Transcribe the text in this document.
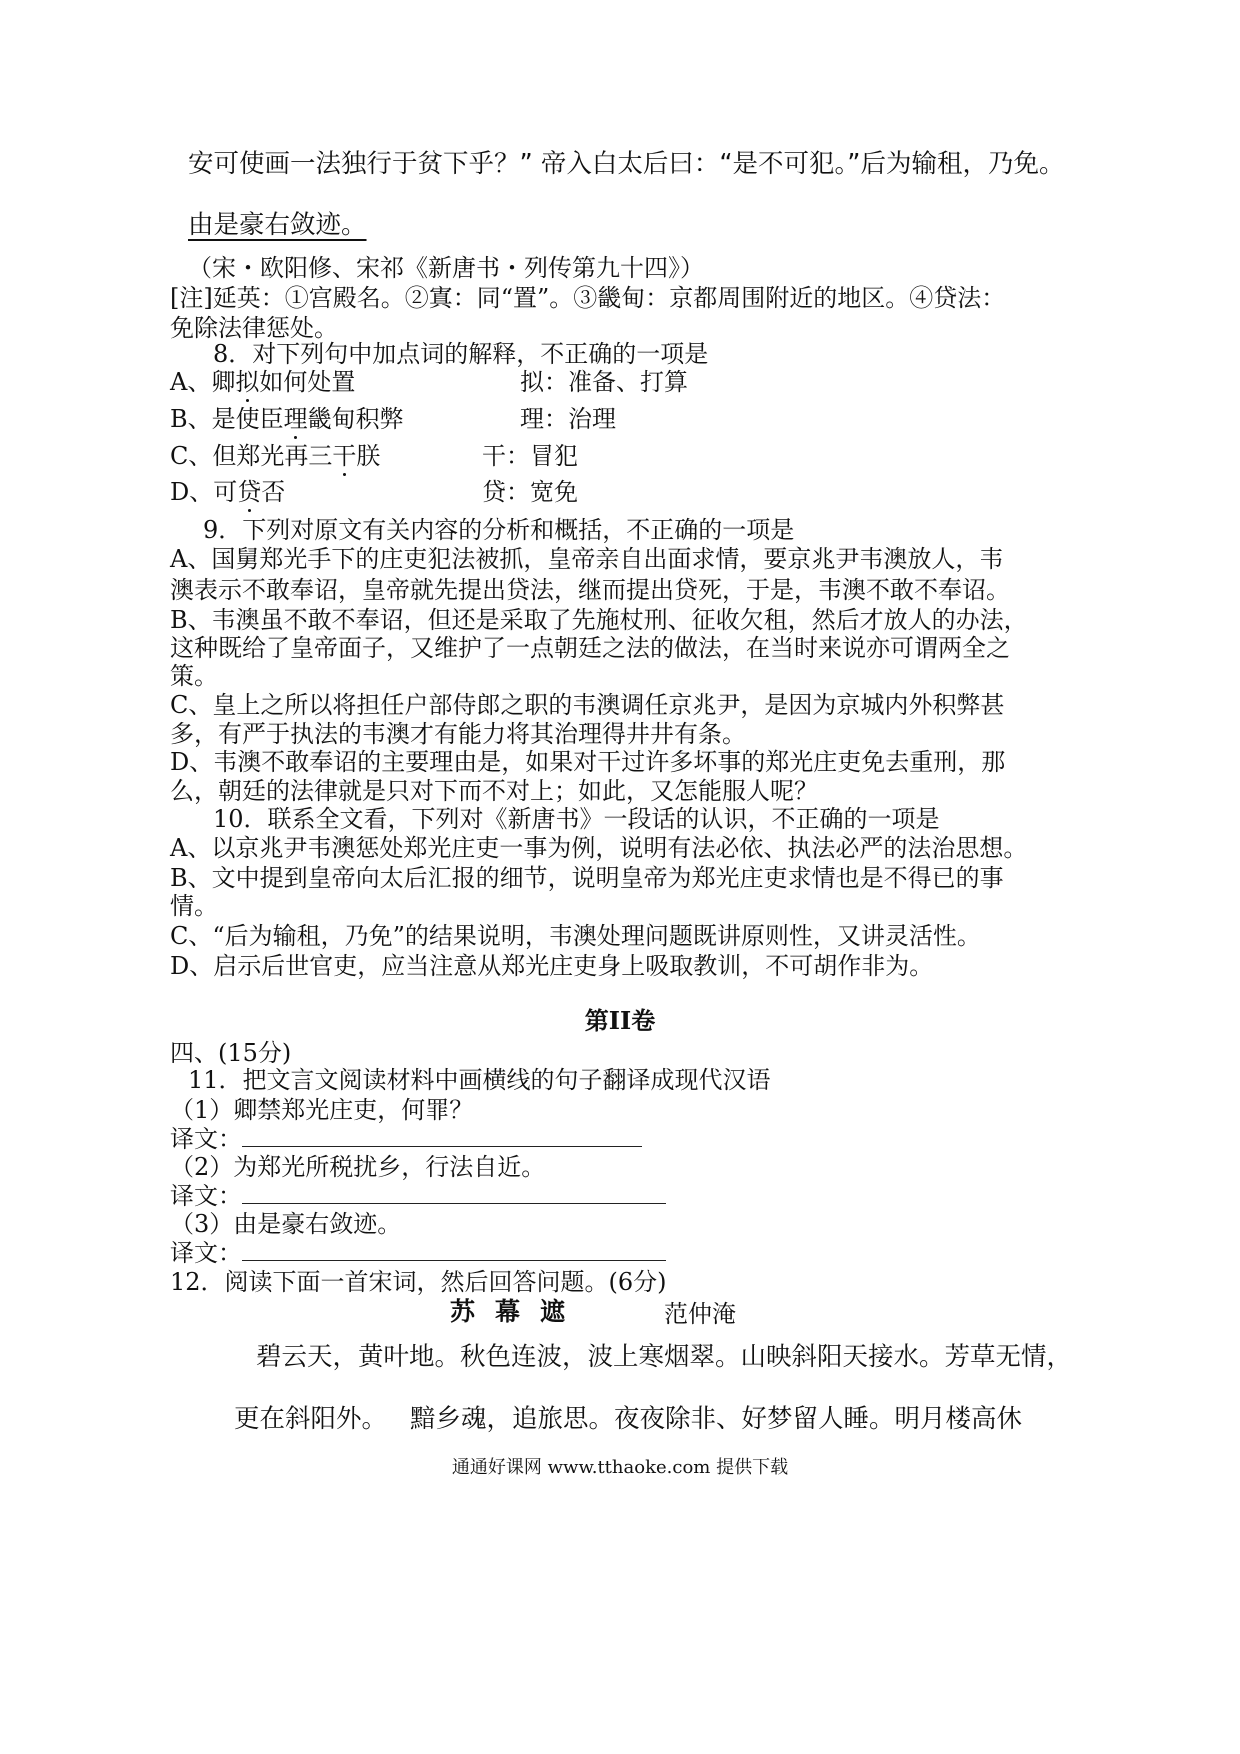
安可使画一法独行于贫下乎？” 帝入白太后曰：“是不可犯。”后为输租，乃免。
由是豪右敛迹。
（宋・欧阳修、宋祁《新唐书・列传第九十四》）
[注]延英：①宫殿名。②寘：同“置”。③畿甸：京都周围附近的地区。④贷法：
免除法律惩处。
8．对下列句中加点词的解释，不正确的一项是
A、卿拟如何处置	拟：准备、打算
B、是使臣理畿甸积弊	理：治理
C、但郑光再三干朕	干：冒犯
D、可贷否	贷：宽免
9．下列对原文有关内容的分析和概括，不正确的一项是
A、国舅郑光手下的庄吏犯法被抓，皇帝亲自出面求情，要京兆尹韦澳放人，韦
澳表示不敢奉诏，皇帝就先提出贷法，继而提出贷死，于是，韦澳不敢不奉诏。
B、韦澳虽不敢不奉诏，但还是采取了先施杖刑、征收欠租，然后才放人的办法，
这种既给了皇帝面子，又维护了一点朝廷之法的做法，在当时来说亦可谓两全之
策。
C、皇上之所以将担任户部侍郎之职的韦澳调任京兆尹，是因为京城内外积弊甚
多，有严于执法的韦澳才有能力将其治理得井井有条。
D、韦澳不敢奉诏的主要理由是，如果对干过许多坏事的郑光庄吏免去重刑，那
么，朝廷的法律就是只对下而不对上；如此，又怎能服人呢？
10．联系全文看，下列对《新唐书》一段话的认识，不正确的一项是
A、以京兆尹韦澳惩处郑光庄吏一事为例，说明有法必依、执法必严的法治思想。
B、文中提到皇帝向太后汇报的细节，说明皇帝为郑光庄吏求情也是不得已的事
情。
C、“后为输租，乃免”的结果说明，韦澳处理问题既讲原则性，又讲灵活性。
D、启示后世官吏，应当注意从郑光庄吏身上吸取教训，不可胡作非为。
第II卷
四、(15分)
11．把文言文阅读材料中画横线的句子翻译成现代汉语
（1）卿禁郑光庄吏，何罪？
译文：
（2）为郑光所税扰乡，行法自近。
译文：
（3）由是豪右敛迹。
译文：
12．阅读下面一首宋词，然后回答问题。(6分)
苏幕遮	范仲淹
碧云天，黄叶地。秋色连波，波上寒烟翠。山映斜阳天接水。芳草无情，
更在斜阳外。 黯乡魂，追旅思。夜夜除非、好梦留人睡。明月楼高休
通通好课网 www.tthaoke.com 提供下载
